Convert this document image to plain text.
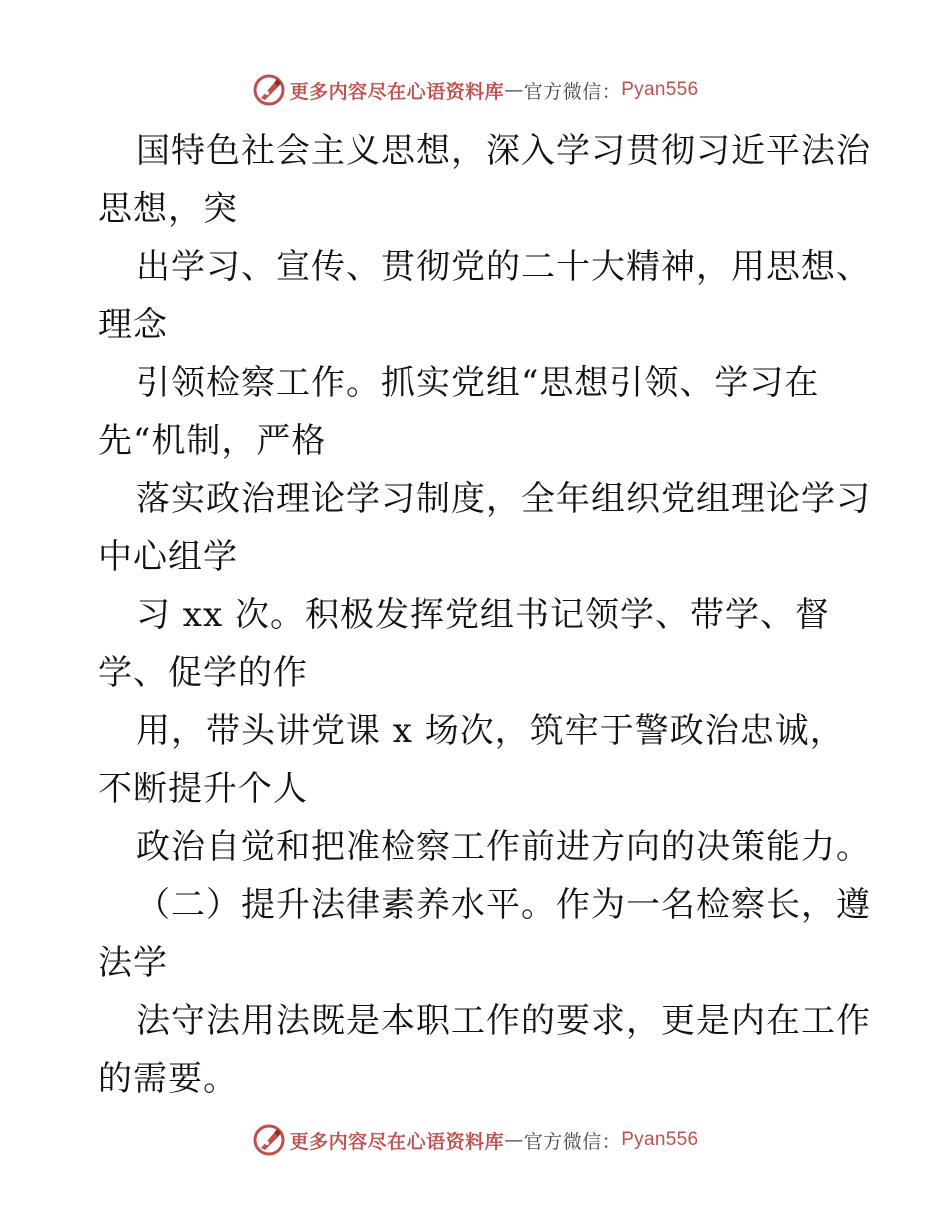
更多内容尽在心语资料库 — 官方微信： Pyan556
国特色社会主义思想，深入学习贯彻习近平法治
思想，突
出学习、宣传、贯彻党的二十大精神，用思想、
理念
引领检察工作。抓实党组“思想引领、学习在
先“机制，严格
落实政治理论学习制度，全年组织党组理论学习
中心组学
习 xx 次。积极发挥党组书记领学、带学、督
学、促学的作
用，带头讲党课 x 场次，筑牢于警政治忠诚，
不断提升个人
政治自觉和把准检察工作前进方向的决策能力。
（二）提升法律素养水平。作为一名检察长，遵
法学
法守法用法既是本职工作的要求，更是内在工作
的需要。
更多内容尽在心语资料库 — 官方微信： Pyan556
